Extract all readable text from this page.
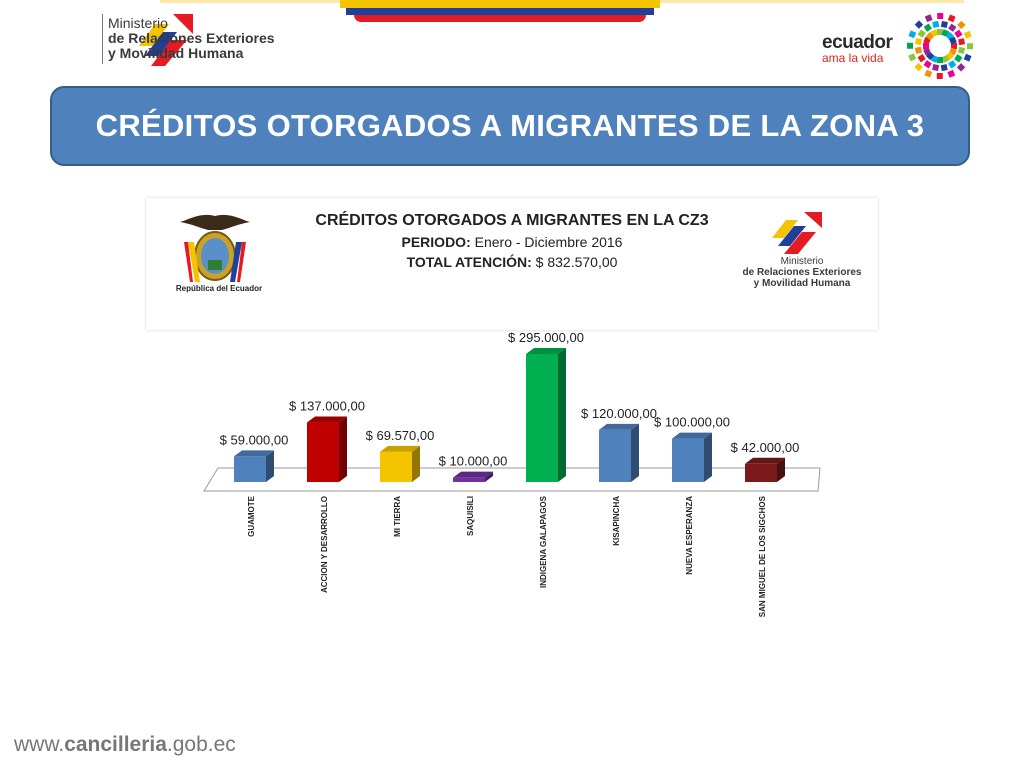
Ministerio
de Relaciones Exteriores
y Movilidad Humana	ecuador
ama la vida
CRÉDITOS OTORGADOS A MIGRANTES DE LA ZONA 3
República del Ecuador
CRÉDITOS OTORGADOS A MIGRANTES EN LA CZ3
PERIODO: Enero - Diciembre 2016
TOTAL ATENCIÓN: $ 832.570,00	Ministerio
de Relaciones Exteriores
y Movilidad Humana
$ 59.000,00
GUAMOTE
$ 137.000,00
ACCION Y DESARROLLO
$ 69.570,00
MI TIERRA
$ 10.000,00
SAQUISILI
$ 295.000,00
INDIGENA GALAPAGOS
$ 120.000,00
KISAPINCHA
$ 100.000,00
NUEVA ESPERANZA
$ 42.000,00
SAN MIGUEL DE LOS SIGCHOS
www.cancilleria.gob.ec
